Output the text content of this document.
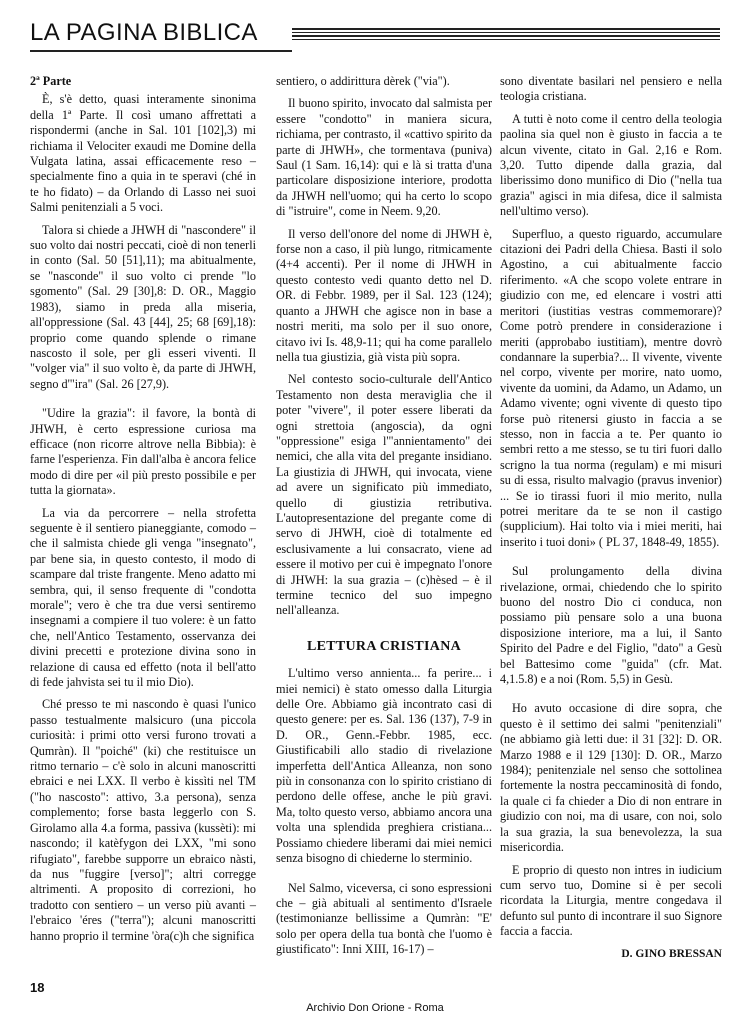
LA PAGINA BIBLICA
2ª Parte

È, s'è detto, quasi interamente sinonima della 1ª Parte. Il così umano affrettati a rispondermi (anche in Sal. 101 [102],3) mi richiama il Velociter exaudi me Domine della Vulgata latina, assai efficacemente reso – specialmente fino a quia in te speravi (ché in te ho fidato) – da Orlando di Lasso nei suoi Salmi penitenziali a 5 voci.

Talora si chiede a JHWH di "nascondere" il suo volto dai nostri peccati, cioè di non tenerli in conto (Sal. 50 [51],11); ma abitualmente, se "nasconde" il suo volto ci prende "lo sgomento" (Sal. 29 [30],8: D. OR., Maggio 1983), siamo in preda alla miseria, all'oppressione (Sal. 43 [44], 25; 68 [69],18): proprio come quando splende o rimane nascosto il sole, per gli esseri viventi. Il "volger via" il suo volto è, da parte di JHWH, segno d'"ira" (Sal. 26 [27,9).

"Udire la grazia": il favore, la bontà di JHWH, è certo espressione curiosa ma efficace (non ricorre altrove nella Bibbia): è farne l'esperienza. Fin dall'alba è ancora felice modo di dire per «il più presto possibile e per tutta la giornata».

La via da percorrere – nella strofetta seguente è il sentiero pianeggiante, comodo – che il salmista chiede gli venga "insegnato", par bene sia, in questo contesto, il modo di scampare dal triste frangente. Meno adatto mi sembra, qui, il senso frequente di "condotta morale"; vero è che tra due versi sentiremo insegnami a compiere il tuo volere: è un fatto che, nell'Antico Testamento, osservanza dei divini precetti e protezione divina sono in relazione di causa ed effetto (nota il bell'atto di fede jahvista sei tu il mio Dio).

Ché presso te mi nascondo è quasi l'unico passo testualmente malsicuro (una piccola curiosità: i primi otto versi furono trovati a Qumràn). Il "poiché" (ki) che restituisce un ritmo ternario – c'è solo in alcuni manoscritti ebraici e nei LXX. Il verbo è kissìti nel TM ("ho nascosto": attivo, 3.a persona), senza complemento; forse basta leggerlo con S. Girolamo alla 4.a forma, passiva (kussèti): mi nascondo; il katèfygon dei LXX, "mi sono rifugiato", farebbe supporre un ebraico nàsti, da nus "fuggire [verso]"; altri corregge altrimenti. A proposito di correzioni, ho tradotto con sentiero – un verso più avanti – l'ebraico 'éres ("terra"); alcuni manoscritti hanno proprio il termine 'òra(c)h che significa

sentiero, o addirittura dèrek ("via").

Il buono spirito, invocato dal salmista per essere "condotto" in maniera sicura, richiama, per contrasto, il «cattivo spirito da parte di JHWH», che tormentava (puniva) Saul (1 Sam. 16,14): qui e là si tratta d'una particolare disposizione interiore, prodotta da JHWH nell'uomo; qui ha certo lo scopo di "istruire", come in Neem. 9,20.

Il verso dell'onore del nome di JHWH è, forse non a caso, il più lungo, ritmicamente (4+4 accenti). Per il nome di JHWH in questo contesto vedi quanto detto nel D. OR. di Febbr. 1989, per il Sal. 123 (124); quanto a JHWH che agisce non in base a nostri meriti, ma solo per il suo onore, citavo ivi Is. 48,9-11; qui ha come parallelo nella tua giustizia, già vista più sopra.

Nel contesto socio-culturale dell'Antico Testamento non desta meraviglia che il poter "vivere", il poter essere liberati da ogni strettoia (angoscia), da ogni "oppressione" esiga l'"annientamento" dei nemici, che alla vita del pregante insidiano. La giustizia di JHWH, qui invocata, viene ad avere un significato più immediato, quello di giustizia retributiva. L'autopresentazione del pregante come di servo di JHWH, cioè di totalmente ed esclusivamente a lui consacrato, viene ad essere il motivo per cui è impegnato l'onore di JHWH: la sua grazia – (c)hèsed – è il termine tecnico del suo impegno nell'alleanza.

LETTURA CRISTIANA

L'ultimo verso annienta... fa perire... i miei nemici) è stato omesso dalla Liturgia delle Ore. Abbiamo già incontrato casi di questo genere: per es. Sal. 136 (137), 7-9 in D. OR., Genn.-Febbr. 1985, ecc. Giustificabili allo stadio di rivelazione imperfetta dell'Antica Alleanza, non sono più in consonanza con lo spirito cristiano di perdono delle offese, anche le più gravi. Ma, tolto questo verso, abbiamo ancora una volta una splendida preghiera cristiana... Possiamo chiedere liberami dai miei nemici senza bisogno di chiederne lo sterminio.

Nel Salmo, viceversa, ci sono espressioni che – già abituali al sentimento d'Israele (testimonianze bellissime a Qumràn: "E' solo per opera della tua bontà che l'uomo è giustificato": Inni XIII, 16-17) –

sono diventate basilari nel pensiero e nella teologia cristiana.

A tutti è noto come il centro della teologia paolina sia quel non è giusto in faccia a te alcun vivente, citato in Gal. 2,16 e Rom. 3,20. Tutto dipende dalla grazia, dal liberissimo dono munifico di Dio ("nella tua grazia" agisci in mia difesa, dice il salmista nell'ultimo verso).

Superfluo, a questo riguardo, accumulare citazioni dei Padri della Chiesa. Basti il solo Agostino, a cui abitualmente faccio riferimento. «A che scopo volete entrare in giudizio con me, ed elencare i vostri atti meritori (iustitias vestras commemorare)? Come potrò prendere in considerazione i meriti (approbabo iustitiam), mentre dovrò condannare la superbia?... Il vivente, vivente nel corpo, vivente per morire, nato uomo, vivente da uomini, da Adamo, un Adamo, un Adamo vivente; ogni vivente di questo tipo forse può ritenersi giusto in faccia a se stesso, non in faccia a te. Per quanto io sembri retto a me stesso, se tu tiri fuori dallo scrigno la tua norma (regulam) e mi misuri su di essa, risulto malvagio (pravus invenior) ... Se io tirassi fuori il mio merito, nulla potrei meritare da te se non il castigo (supplicium). Hai tolto via i miei meriti, hai inserito i tuoi doni» ( PL 37, 1848-49, 1855).

Sul prolungamento della divina rivelazione, ormai, chiedendo che lo spirito buono del nostro Dio ci conduca, non possiamo più pensare solo a una buona disposizione interiore, ma a lui, il Santo Spirito del Padre e del Figlio, "dato" a Gesù bel Battesimo come "guida" (cfr. Mat. 4,1.5.8) e a noi (Rom. 5,5) in Gesù.

Ho avuto occasione di dire sopra, che questo è il settimo dei salmi "penitenziali" (ne abbiamo già letti due: il 31 [32]: D. OR. Marzo 1988 e il 129 [130]: D. OR., Marzo 1984); penitenziale nel senso che sottolinea fortemente la nostra peccaminosità di fondo, la quale ci fa chieder a Dio di non entrare in giudizio con noi, ma di usare, con noi, solo la sua grazia, la sua benevolezza, la sua misericordia.

E proprio di questo non intres in iudicium cum servo tuo, Domine si è per secoli ricordata la Liturgia, mentre congedava il defunto sul punto di incontrare il suo Signore faccia a faccia.

D. GINO BRESSAN
18
Archivio Don Orione - Roma
